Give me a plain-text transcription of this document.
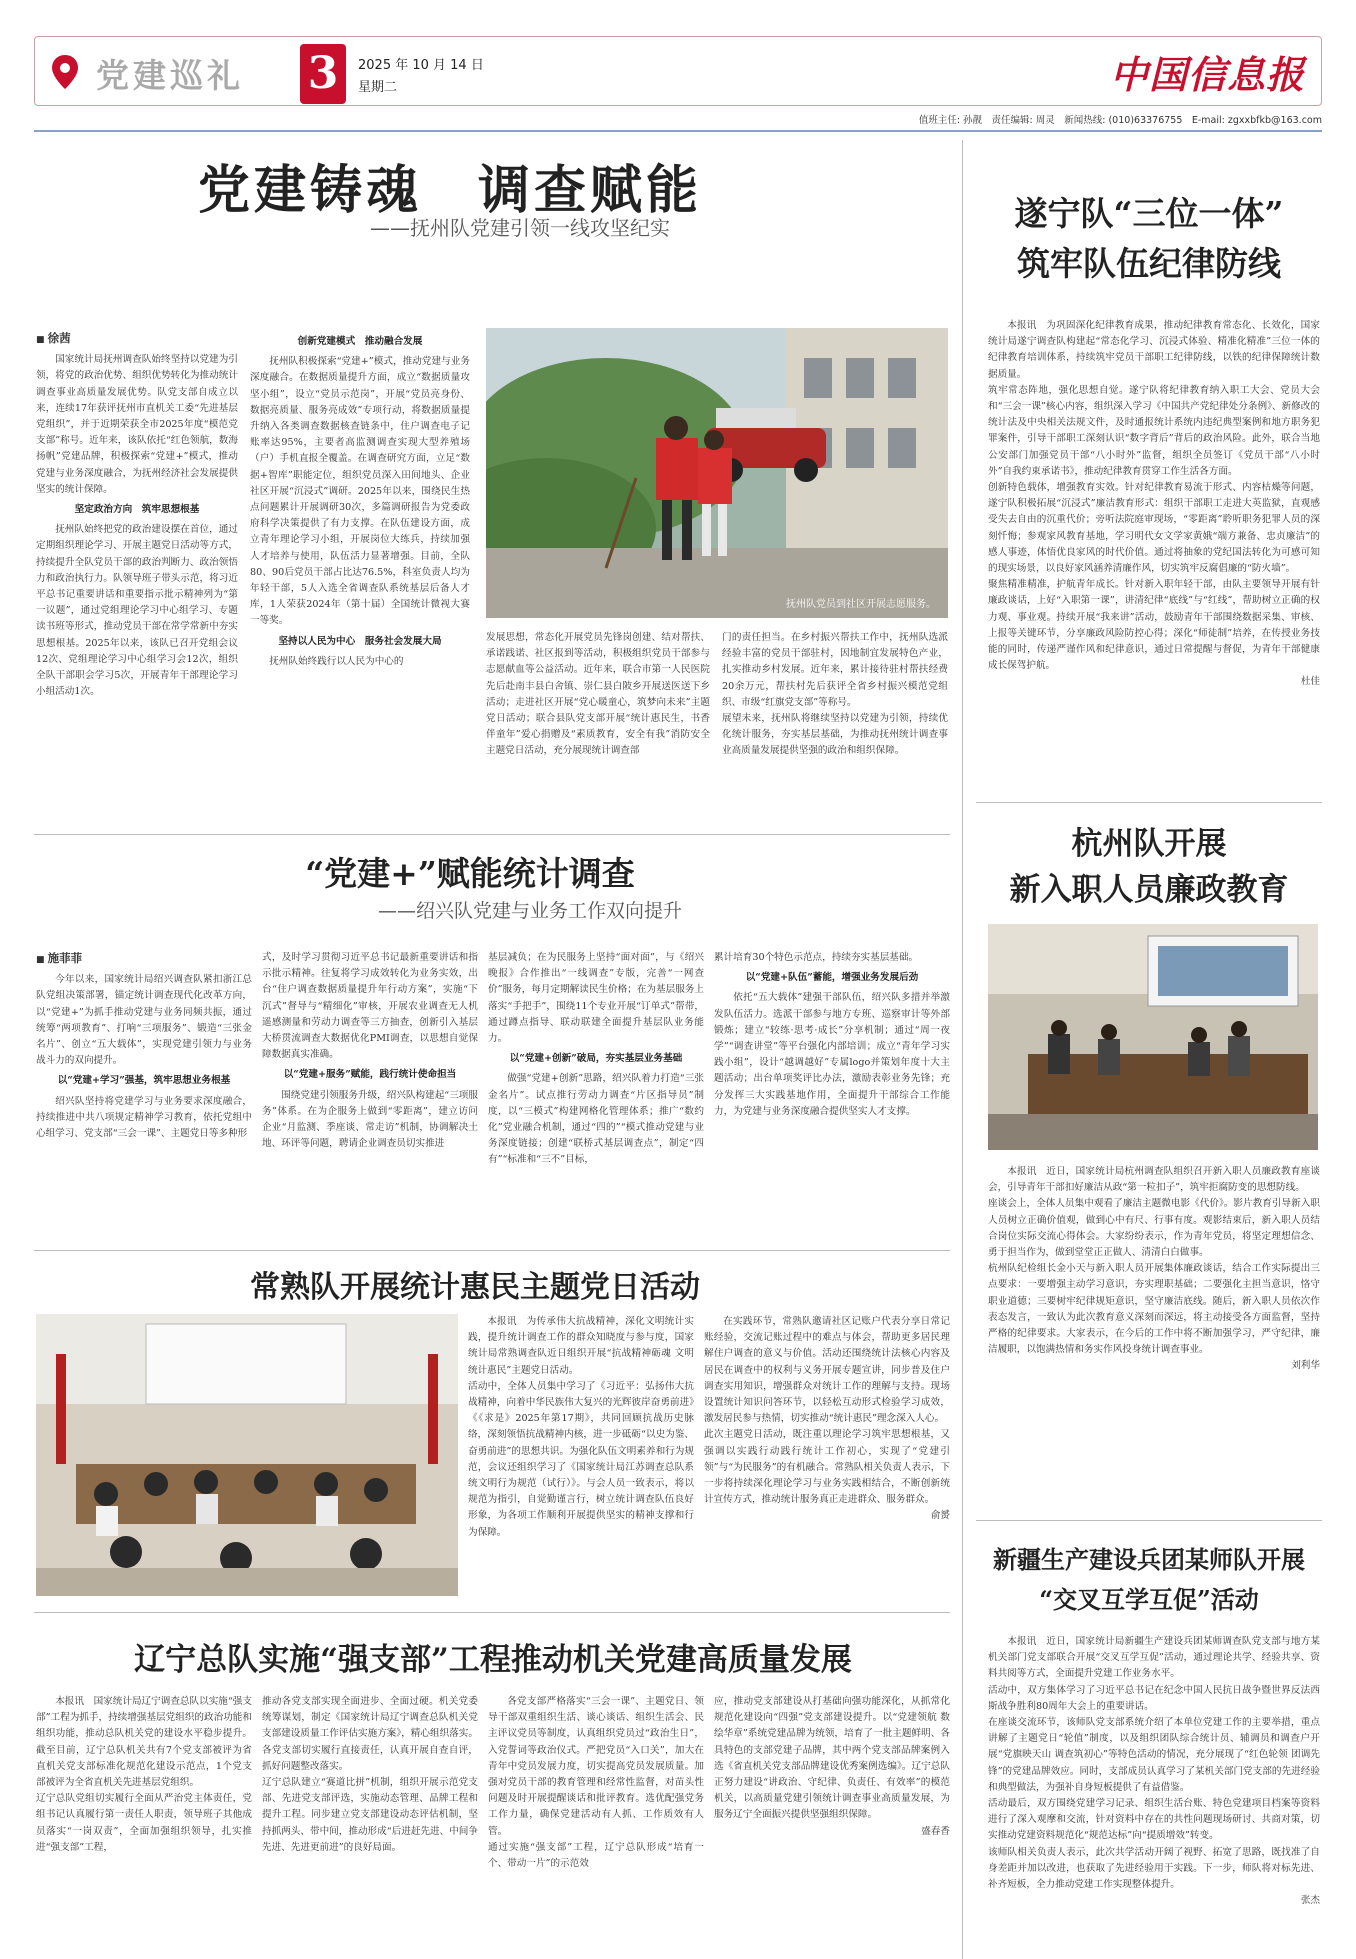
党建巡礼 3	2025 年 10 月 14 日
星期二	中国信息报
值班主任: 孙靓　责任编辑: 周灵　新闻热线: (010)63376755　E-mail: zgxxbfkb@163.com
党建铸魂　调查赋能
——抚州队党建引领一线攻坚纪实
■ 徐茜

国家统计局抚州调查队始终坚持以党建为引领，将党的政治优势、组织优势转化为推动统计调查事业高质量发展优势。队党支部自成立以来，连续17年获评抚州市直机关工委“先进基层党组织”，并于近期荣获全市2025年度“模范党支部”称号。近年来，该队依托“红色领航，数海扬帆”党建品牌，积极探索“党建+”模式，推动党建与业务深度融合，为抚州经济社会发展提供坚实的统计保障。

坚定政治方向　筑牢思想根基

抚州队始终把党的政治建设摆在首位，通过定期组织理论学习、开展主题党日活动等方式，持续提升全队党员干部的政治判断力、政治领悟力和政治执行力。队领导班子带头示范，将习近平总书记重要讲话和重要指示批示精神列为“第一议题”，通过党组理论学习中心组学习、专题读书班等形式，推动党员干部在常学常新中夯实思想根基。2025年以来，该队已召开党组会议12次、党组理论学习中心组学习会12次，组织全队干部职会学习5次，开展青年干部理论学习小组活动1次。

创新党建模式　推动融合发展

抚州队积极探索“党建+”模式，推动党建与业务深度融合。在数据质量提升方面，成立“数据质量攻坚小组”，设立“党员示范岗”，开展“党员亮身份、数据亮质量、服务亮成效”专项行动，将数据质量提升纳入各类调查数据核查链条中，住户调查电子记账率达95%，主要者高监测调查实现大型养殖场（户）手机直报全覆盖。在调查研究方面，立足“数据+智库”职能定位，组织党员深入田间地头、企业社区开展“沉浸式”调研。2025年以来，围绕民生热点问题累计开展调研30次，多篇调研报告为党委政府科学决策提供了有力支撑。在队伍建设方面，成立青年理论学习小组，开展岗位大练兵，持续加强人才培养与使用，队伍活力显著增强。目前，全队80、90后党员干部占比达76.5%，科室负责人均为年轻干部，5人入选全省调查队系统基层后备人才库，1人荣获2024年（第十届）全国统计微视大赛一等奖。

坚持以人民为中心　服务社会发展大局

抚州队始终践行以人民为中心的

抚州队党员到社区开展志愿服务。

发展思想，常态化开展党员先锋岗创建、结对帮扶、承诺践诺、社区报到等活动，积极组织党员干部参与志愿献血等公益活动。近年来，联合市第一人民医院先后赴南丰县白舍镇、崇仁县白陂乡开展送医送下乡活动；走进社区开展“党心暖童心，筑梦向未来”主题党日活动；联合县队党支部开展“统计惠民生，书香伴童年”爱心捐赠及“素质教育，安全有我”消防安全主题党日活动，充分展现统计调查部

门的责任担当。在乡村振兴帮扶工作中，抚州队选派经验丰富的党员干部驻村，因地制宜发展特色产业，扎实推动乡村发展。近年来，累计接待驻村帮扶经费20余万元，帮扶村先后获评全省乡村振兴模范党组织、市级“红旗党支部”等称号。
展望未来，抚州队将继续坚持以党建为引领，持续优化统计服务，夯实基层基础，为推动抚州统计调查事业高质量发展提供坚强的政治和组织保障。

遂宁队“三位一体”
筑牢队伍纪律防线

本报讯　为巩固深化纪律教育成果，推动纪律教育常态化、长效化，国家统计局遂宁调查队构建起“常态化学习、沉浸式体验、精准化精准”三位一体的纪律教育培训体系，持续筑牢党员干部职工纪律防线，以铁的纪律保障统计数据质量。
筑牢常态阵地，强化思想自觉。遂宁队将纪律教育纳入职工大会、党员大会和“三会一课”核心内容，组织深入学习《中国共产党纪律处分条例》、新修改的统计法及中央相关法规文件，及时通报统计系统内违纪典型案例和地方职务犯罪案件，引导干部职工深刻认识“数字背后”背后的政治风险。此外，联合当地公安部门加强党员干部“八小时外”监督，组织全员签订《党员干部“八小时外”自我约束承诺书》，推动纪律教育贯穿工作生活各方面。
创新特色载体，增强教育实效。针对纪律教育易流于形式、内容枯燥等问题，遂宁队积极拓展“沉浸式”廉洁教育形式：组织干部职工走进大英监狱，直观感受失去自由的沉重代价；旁听法院庭审现场，“零距离”聆听职务犯罪人员的深刻忏悔；参观家风教育基地，学习明代女文学家黄娥“端方兼备、忠贞廉洁”的感人事迹，体悟优良家风的时代价值。通过将抽象的党纪国法转化为可感可知的现实场景，以良好家风涵养清廉作风，切实筑牢反腐倡廉的“防火墙”。
聚焦精准精准，护航青年成长。针对新入职年轻干部，由队主要领导开展有针廉政谈话，上好“入职第一课”，讲清纪律“底线”与“红线”，帮助树立正确的权力观、事业观。持续开展“我来讲”活动，鼓励青年干部围绕数据采集、审核、上报等关键环节，分享廉政风险防控心得；深化“师徒制”培养，在传授业务技能的同时，传递严谨作风和纪律意识，通过日常提醒与督促，为青年干部健康成长保驾护航。

杜佳
杭州队开展
新入职人员廉政教育

本报讯　近日，国家统计局杭州调查队组织召开新入职人员廉政教育座谈会，引导青年干部扣好廉洁从政“第一粒扣子”，筑牢拒腐防变的思想防线。
座谈会上，全体人员集中观看了廉洁主题微电影《代价》。影片教育引导新入职人员树立正确价值观，做到心中有尺、行事有度。观影结束后，新入职人员结合岗位实际交流心得体会。大家纷纷表示，作为青年党员，将坚定理想信念、勇于担当作为，做到堂堂正正做人、清清白白做事。
杭州队纪检组长金小天与新入职人员开展集体廉政谈话，结合工作实际提出三点要求：一要增强主动学习意识，夯实理职基础；二要强化主担当意识，恪守职业道德；三要树牢纪律规矩意识，坚守廉洁底线。随后，新入职人员依次作表态发言，一致认为此次教育意义深刻而深远，将主动接受各方面监督，坚持严格的纪律要求。大家表示，在今后的工作中将不断加强学习，严守纪律，廉洁履职，以饱满热情和务实作风投身统计调查事业。

刘利华
新疆生产建设兵团某师队开展
“交叉互学互促”活动

本报讯　近日，国家统计局新疆生产建设兵团某师调查队党支部与地方某机关部门党支部联合开展“交叉互学互促”活动，通过理论共学、经验共享、资料共阅等方式，全面提升党建工作业务水平。
活动中，双方集体学习了习近平总书记在纪念中国人民抗日战争暨世界反法西斯战争胜利80周年大会上的重要讲话。
在座谈交流环节，该师队党支部系统介绍了本单位党建工作的主要举措，重点讲解了主题党日“轮值”制度，以及组织团队综合统计员、辅调员和调查户开展“党旗映天山 调查筑初心”等特色活动的情况，充分展现了“红色轮领 团调先锋”的党建品牌效应。同时，支部成员认真学习了某机关部门党支部的先进经验和典型做法，为强补自身短板提供了有益借鉴。
活动最后，双方围绕党建学习记录、组织生活台账、特色党建项目档案等资料进行了深入观摩和交流，针对资料中存在的共性问题现场研讨、共商对策，切实推动党建资料规范化“规范达标”向“提质增效”转变。
该师队相关负责人表示，此次共学活动开阔了视野、拓宽了思路，既找准了自身差距并加以改进，也获取了先进经验用于实践。下一步，师队将对标先进、补齐短板，全力推动党建工作实现整体提升。

张杰
“党建+”赋能统计调查
——绍兴队党建与业务工作双向提升
■ 施菲菲

今年以来，国家统计局绍兴调查队紧扣浙江总队党组决策部署，锚定统计调查现代化改革方向，以“党建+”为抓手推动党建与业务同频共振，通过统筹“两项教育”、打响“三项服务”、锻造“三张金名片”、创立“五大载体”，实现党建引领力与业务战斗力的双向提升。

以“党建+学习”强基，筑牢思想业务根基

绍兴队坚持将党建学习与业务要求深度融合，持续推进中共八项规定精神学习教育，依托党组中心组学习、党支部“三会一课”、主题党日等多种形

式，及时学习贯彻习近平总书记最新重要讲话和指示批示精神。往复将学习成效转化为业务实效，出台“住户调查数据质量提升年行动方案”，实施“下沉式”督导与“精细化”审核，开展农业调查无人机遥感测量和劳动力调查等三方抽查，创新引入基层大桥贯流调查大数据优化PMI调查，以思想自觉保障数据真实准确。

以“党建+服务”赋能，践行统计使命担当

围绕党建引领服务升级，绍兴队构建起“三项服务”体系。在为企服务上做到“零距离”，建立访问企业“月监测、季座谈、常走访”机制，协调解决土地、环评等问题，聘请企业调查员切实推进

基层减负；在为民服务上坚持“面对面”，与《绍兴晚报》合作推出“一线调查”专版，完善“一网查价”服务，每月定期解读民生价格；在为基层服务上落实“手把手”，围绕11个专业开展“订单式”帮带，通过蹲点指导、联动联建全面提升基层队业务能力。

以“党建+创新”破局，夯实基层业务基础

做强“党建+创新”思路，绍兴队着力打造“三张金名片”。试点推行劳动力调查“片区指导员”制度，以“三模式”构建网格化管理体系；推广“数约化”党业融合机制，通过“四的”“模式推动党建与业务深度链接；创建“联桥式基层调查点”，制定“四有”“标准和“三不”目标，

累计培育30个特色示范点，持续夯实基层基础。

以“党建+队伍”蓄能，增强业务发展后劲

依托“五大载体”建强干部队伍，绍兴队多措并举激发队伍活力。选派干部参与地方专班、巡察审计等外部锻炼；建立“较练·思考·成长”分享机制；通过“周一夜学”“调查讲堂”等平台强化内部培训；成立“青年学习实践小组”，设计“越调越好”专属logo并策划年度十大主题活动；出台单项奖评比办法，激励表彰业务先锋；充分发挥三大实践基地作用，全面提升干部综合工作能力，为党建与业务深度融合提供坚实人才支撑。

常熟队开展统计惠民主题党日活动

本报讯　为传承伟大抗战精神，深化文明统计实践，提升统计调查工作的群众知晓度与参与度，国家统计局常熟调查队近日组织开展“抗战精神砺魂 文明统计惠民”主题党日活动。
活动中，全体人员集中学习了《习近平：弘扬伟大抗战精神，向着中华民族伟大复兴的光辉彼岸奋勇前进》《《求是》2025年第17期》，共同回顾抗战历史脉络，深刻领悟抗战精神内核，进一步砥砺“以史为鉴、奋勇前进”的思想共识。为强化队伍文明素养和行为规范，会议还组织学习了《国家统计局江苏调查总队系统文明行为规范（试行）》。与会人员一致表示，将以规范为指引，自觉勤谨言行，树立统计调查队伍良好形象，为各项工作顺利开展提供坚实的精神支撑和行为保障。

在实践环节，常熟队邀请社区记账户代表分享日常记账经验，交流记账过程中的难点与体会，帮助更多居民理解住户调查的意义与价值。活动还围绕统计法核心内容及居民在调查中的权利与义务开展专题宣讲，同步普及住户调查实用知识，增强群众对统计工作的理解与支持。现场设置统计知识问答环节，以轻松互动形式检验学习成效，激发居民参与热情，切实推动“统计惠民”理念深入人心。
此次主题党日活动，既注重以理论学习筑牢思想根基，又强调以实践行动践行统计工作初心，实现了“党建引领”与“为民服务”的有机融合。常熟队相关负责人表示，下一步将持续深化理论学习与业务实践相结合，不断创新统计宣传方式，推动统计服务真正走进群众、服务群众。

俞赟
辽宁总队实施“强支部”工程推动机关党建高质量发展

本报讯　国家统计局辽宁调查总队以实施“强支部”工程为抓手，持续增强基层党组织的政治功能和组织功能，推动总队机关党的建设水平稳步提升。截至目前，辽宁总队机关共有7个党支部被评为省直机关党支部标准化规范化建设示范点，1个党支部被评为全省直机关先进基层党组织。
辽宁总队党组切实履行全面从严治党主体责任，党组书记认真履行第一责任人职责，领导班子其他成员落实“一岗双责”，全面加强组织领导，扎实推进“强支部”工程，

推动各党支部实现全面进步、全面过硬。机关党委统筹谋划，制定《国家统计局辽宁调查总队机关党支部建设质量工作评估实施方案》，精心组织落实。各党支部切实履行直接责任，认真开展自查自评，抓好问题整改落实。
辽宁总队建立“赛道比拼”机制，组织开展示范党支部、先进党支部评选，实施动态管理、品牌工程和提升工程。同步建立党支部建设动态评估机制，坚持抓两头、带中间，推动形成“后进赶先进、中间争先进、先进更前进”的良好局面。

各党支部严格落实“三会一课”、主题党日、领导干部双重组织生活、谈心谈话、组织生活会、民主评议党员等制度，认真组织党员过“政治生日”，入党誓词等政治仪式。严把党员“入口关”，加大在青年中党员发展力度，切实提高党员发展质量。加强对党员干部的教育管理和经常性监督，对苗头性问题及时开展提醒谈话和批评教育。选优配强党务工作力量，确保党建活动有人抓、工作质效有人管。
通过实施“强支部”工程，辽宁总队形成“培育一个、带动一片”的示范效

应，推动党支部建设从打基础向强功能深化，从抓常化规范化建设向“四强”党支部建设提升。以“党建领航 数绘华章”系统党建品牌为统领，培育了一批主题鲜明、各具特色的支部党建子品牌，其中两个党支部品牌案例入选《省直机关党支部品牌建设优秀案例选编》。辽宁总队正努力建设“讲政治、守纪律、负责任、有效率”的模范机关，以高质量党建引领统计调查事业高质量发展，为服务辽宁全面振兴提供坚强组织保障。

盛春香
